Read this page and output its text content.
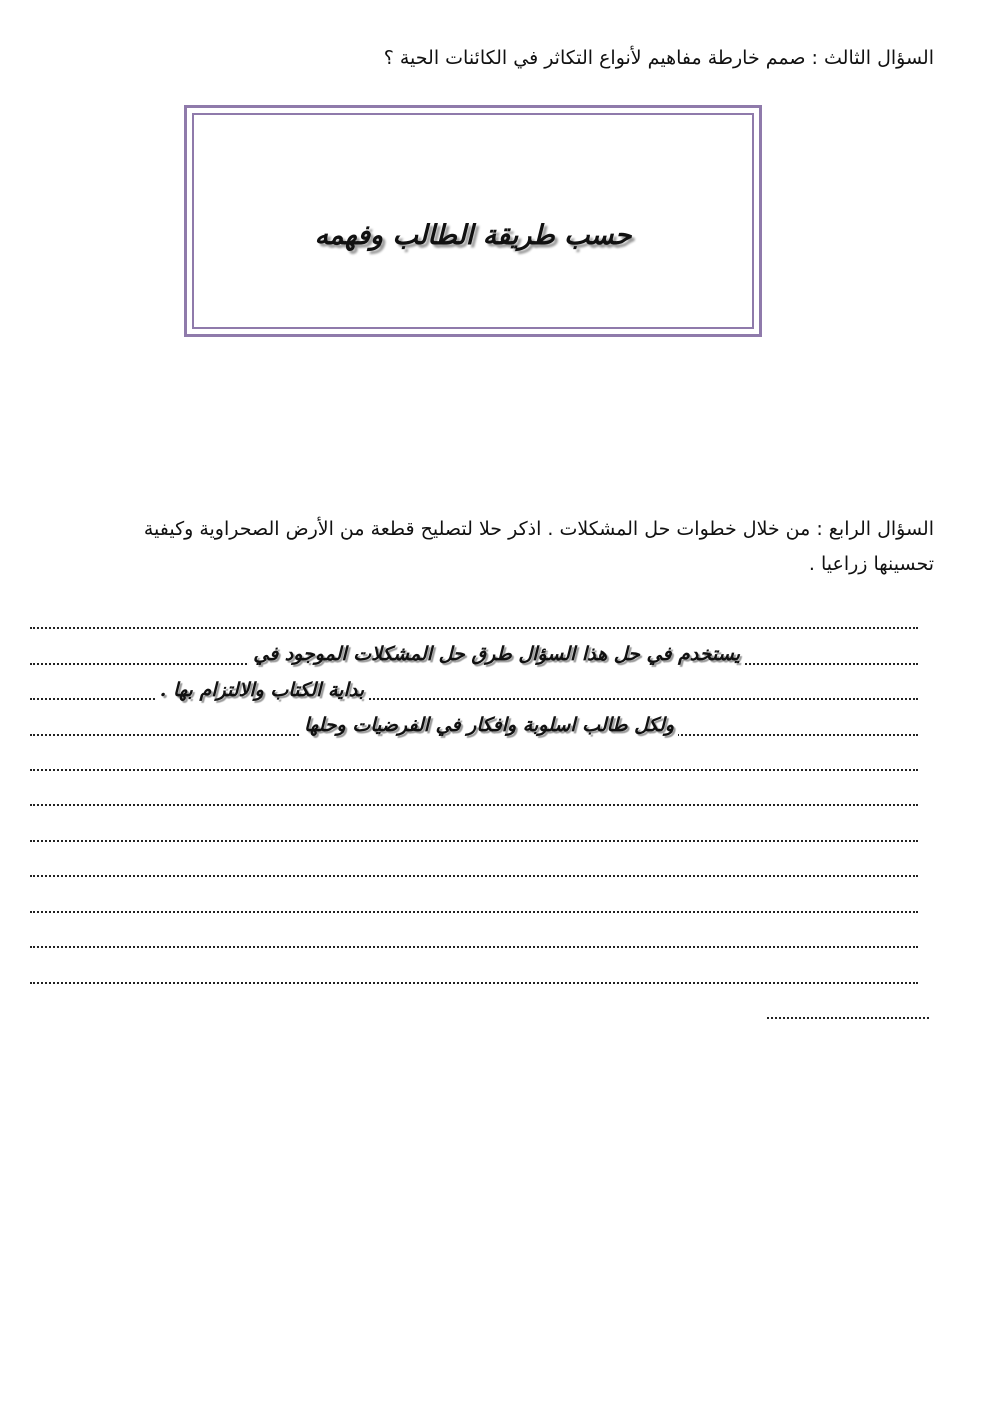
السؤال الثالث : صمم خارطة مفاهيم لأنواع التكاثر في الكائنات الحية ؟
حسب طريقة الطالب وفهمه
السؤال الرابع : من خلال خطوات حل المشكلات . اذكر حلا لتصليح قطعة من الأرض الصحراوية وكيفية
تحسينها زراعيا .
يستخدم في حل هذا السؤال طرق حل المشكلات الموجود في
بداية الكتاب والالتزام بها .
ولكل طالب اسلوبة وافكار في الفرضيات وحلها
